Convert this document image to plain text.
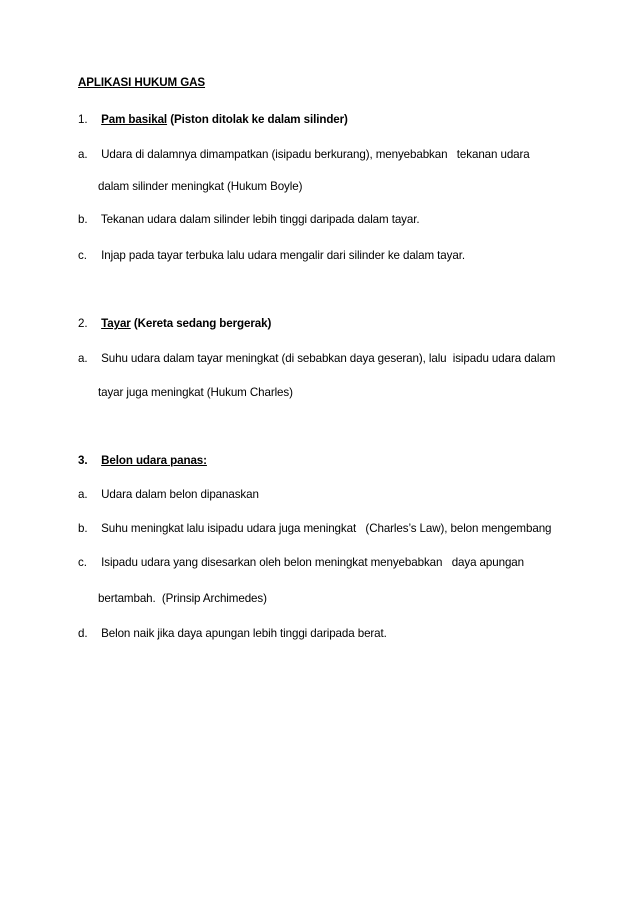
APLIKASI HUKUM GAS
1. Pam basikal (Piston ditolak ke dalam silinder)
a. Udara di dalamnya dimampatkan (isipadu berkurang), menyebabkan   tekanan udara
dalam silinder meningkat (Hukum Boyle)
b. Tekanan udara dalam silinder lebih tinggi daripada dalam tayar.
c. Injap pada tayar terbuka lalu udara mengalir dari silinder ke dalam tayar.
2. Tayar (Kereta sedang bergerak)
a. Suhu udara dalam tayar meningkat (di sebabkan daya geseran), lalu  isipadu udara dalam
tayar juga meningkat (Hukum Charles)
3. Belon udara panas:
a. Udara dalam belon dipanaskan
b. Suhu meningkat lalu isipadu udara juga meningkat   (Charles’s Law), belon mengembang
c. Isipadu udara yang disesarkan oleh belon meningkat menyebabkan   daya apungan
bertambah.  (Prinsip Archimedes)
d. Belon naik jika daya apungan lebih tinggi daripada berat.
